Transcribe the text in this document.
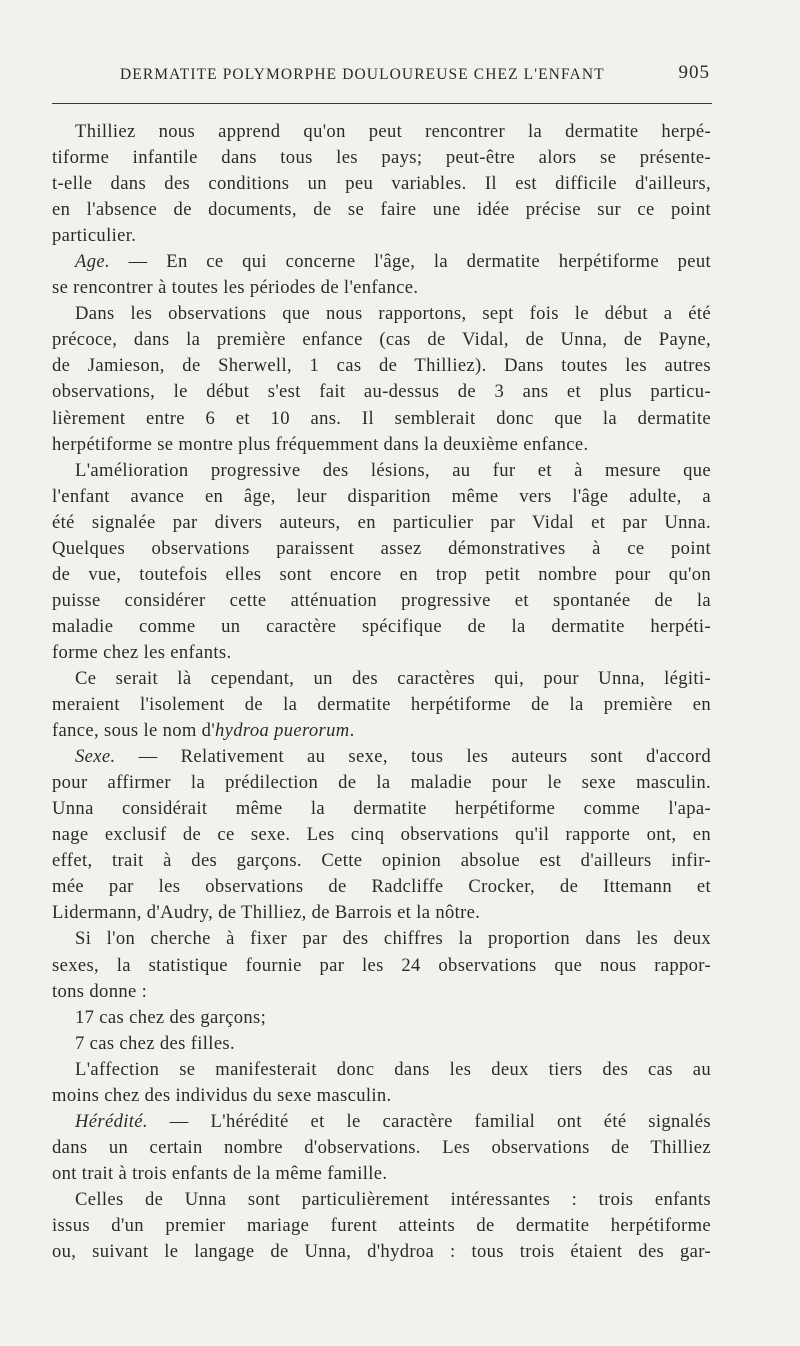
DERMATITE POLYMORPHE DOULOUREUSE CHEZ L'ENFANT	905
Thilliez nous apprend qu'on peut rencontrer la dermatite herpé-
tiforme infantile dans tous les pays; peut-être alors se présente-
t-elle dans des conditions un peu variables. Il est difficile d'ailleurs,
en l'absence de documents, de se faire une idée précise sur ce point
particulier.
Age. — En ce qui concerne l'âge, la dermatite herpétiforme peut
se rencontrer à toutes les périodes de l'enfance.
Dans les observations que nous rapportons, sept fois le début a été
précoce, dans la première enfance (cas de Vidal, de Unna, de Payne,
de Jamieson, de Sherwell, 1 cas de Thilliez). Dans toutes les autres
observations, le début s'est fait au-dessus de 3 ans et plus particu-
lièrement entre 6 et 10 ans. Il semblerait donc que la dermatite
herpétiforme se montre plus fréquemment dans la deuxième enfance.
L'amélioration progressive des lésions, au fur et à mesure que
l'enfant avance en âge, leur disparition même vers l'âge adulte, a
été signalée par divers auteurs, en particulier par Vidal et par Unna.
Quelques observations paraissent assez démonstratives à ce point
de vue, toutefois elles sont encore en trop petit nombre pour qu'on
puisse considérer cette atténuation progressive et spontanée de la
maladie comme un caractère spécifique de la dermatite herpéti-
forme chez les enfants.
Ce serait là cependant, un des caractères qui, pour Unna, légiti-
meraient l'isolement de la dermatite herpétiforme de la première en
fance, sous le nom d'hydroa puerorum.
Sexe. — Relativement au sexe, tous les auteurs sont d'accord
pour affirmer la prédilection de la maladie pour le sexe masculin.
Unna considérait même la dermatite herpétiforme comme l'apa-
nage exclusif de ce sexe. Les cinq observations qu'il rapporte ont, en
effet, trait à des garçons. Cette opinion absolue est d'ailleurs infir-
mée par les observations de Radcliffe Crocker, de Ittemann et
Lidermann, d'Audry, de Thilliez, de Barrois et la nôtre.
Si l'on cherche à fixer par des chiffres la proportion dans les deux
sexes, la statistique fournie par les 24 observations que nous rappor-
tons donne :
17 cas chez des garçons;
7 cas chez des filles.
L'affection se manifesterait donc dans les deux tiers des cas au
moins chez des individus du sexe masculin.
Hérédité. — L'hérédité et le caractère familial ont été signalés
dans un certain nombre d'observations. Les observations de Thilliez
ont trait à trois enfants de la même famille.
Celles de Unna sont particulièrement intéressantes : trois enfants
issus d'un premier mariage furent atteints de dermatite herpétiforme
ou, suivant le langage de Unna, d'hydroa : tous trois étaient des gar-
